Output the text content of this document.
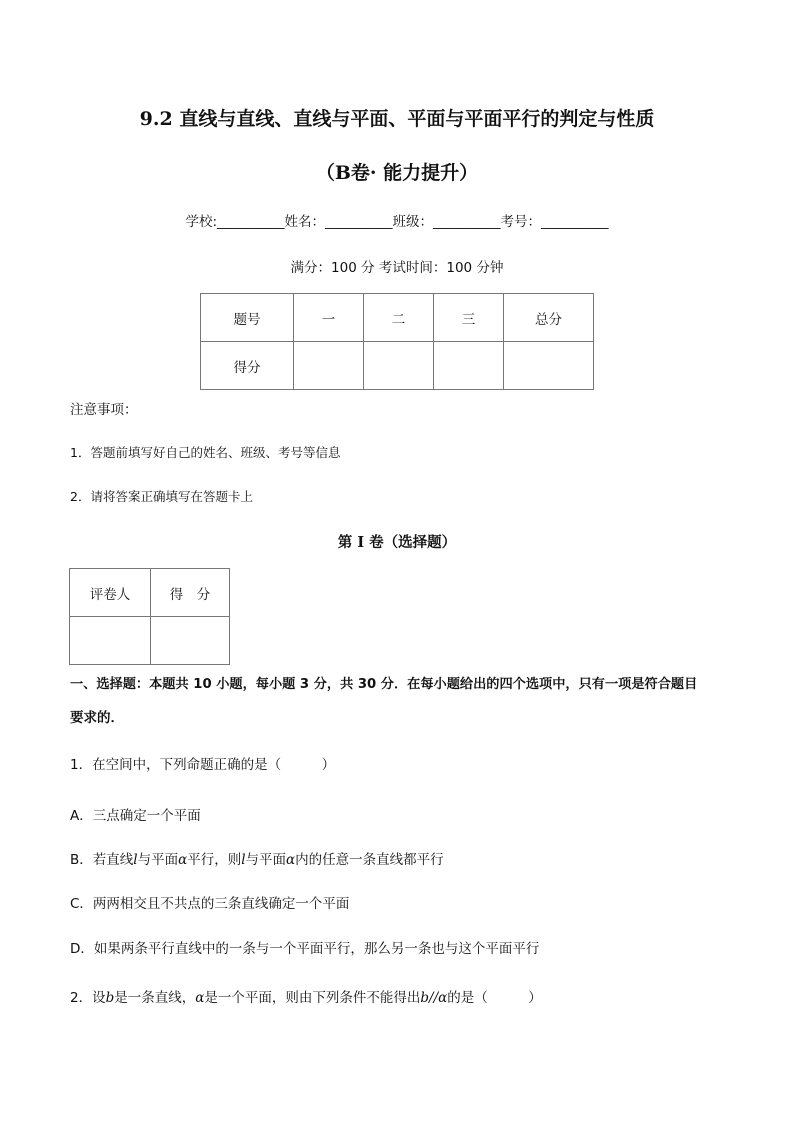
9.2 直线与直线、直线与平面、平面与平面平行的判定与性质
（B卷· 能力提升）
学校:__________姓名：__________班级：__________考号：__________
满分：100 分 考试时间：100 分钟
题号	一	二	三	总分
得分				
注意事项：
1．答题前填写好自己的姓名、班级、考号等信息
2．请将答案正确填写在答题卡上
第 I 卷（选择题）
评卷人	得　分

一、选择题：本题共 10 小题，每小题 3 分，共 30 分．在每小题给出的四个选项中，只有一项是符合题目
要求的．
1．在空间中，下列命题正确的是（　　　）
A．三点确定一个平面
B．若直线l与平面α平行，则l与平面α内的任意一条直线都平行
C．两两相交且不共点的三条直线确定一个平面
D．如果两条平行直线中的一条与一个平面平行，那么另一条也与这个平面平行
2．设b是一条直线，α是一个平面，则由下列条件不能得出b//α的是（　　　）
